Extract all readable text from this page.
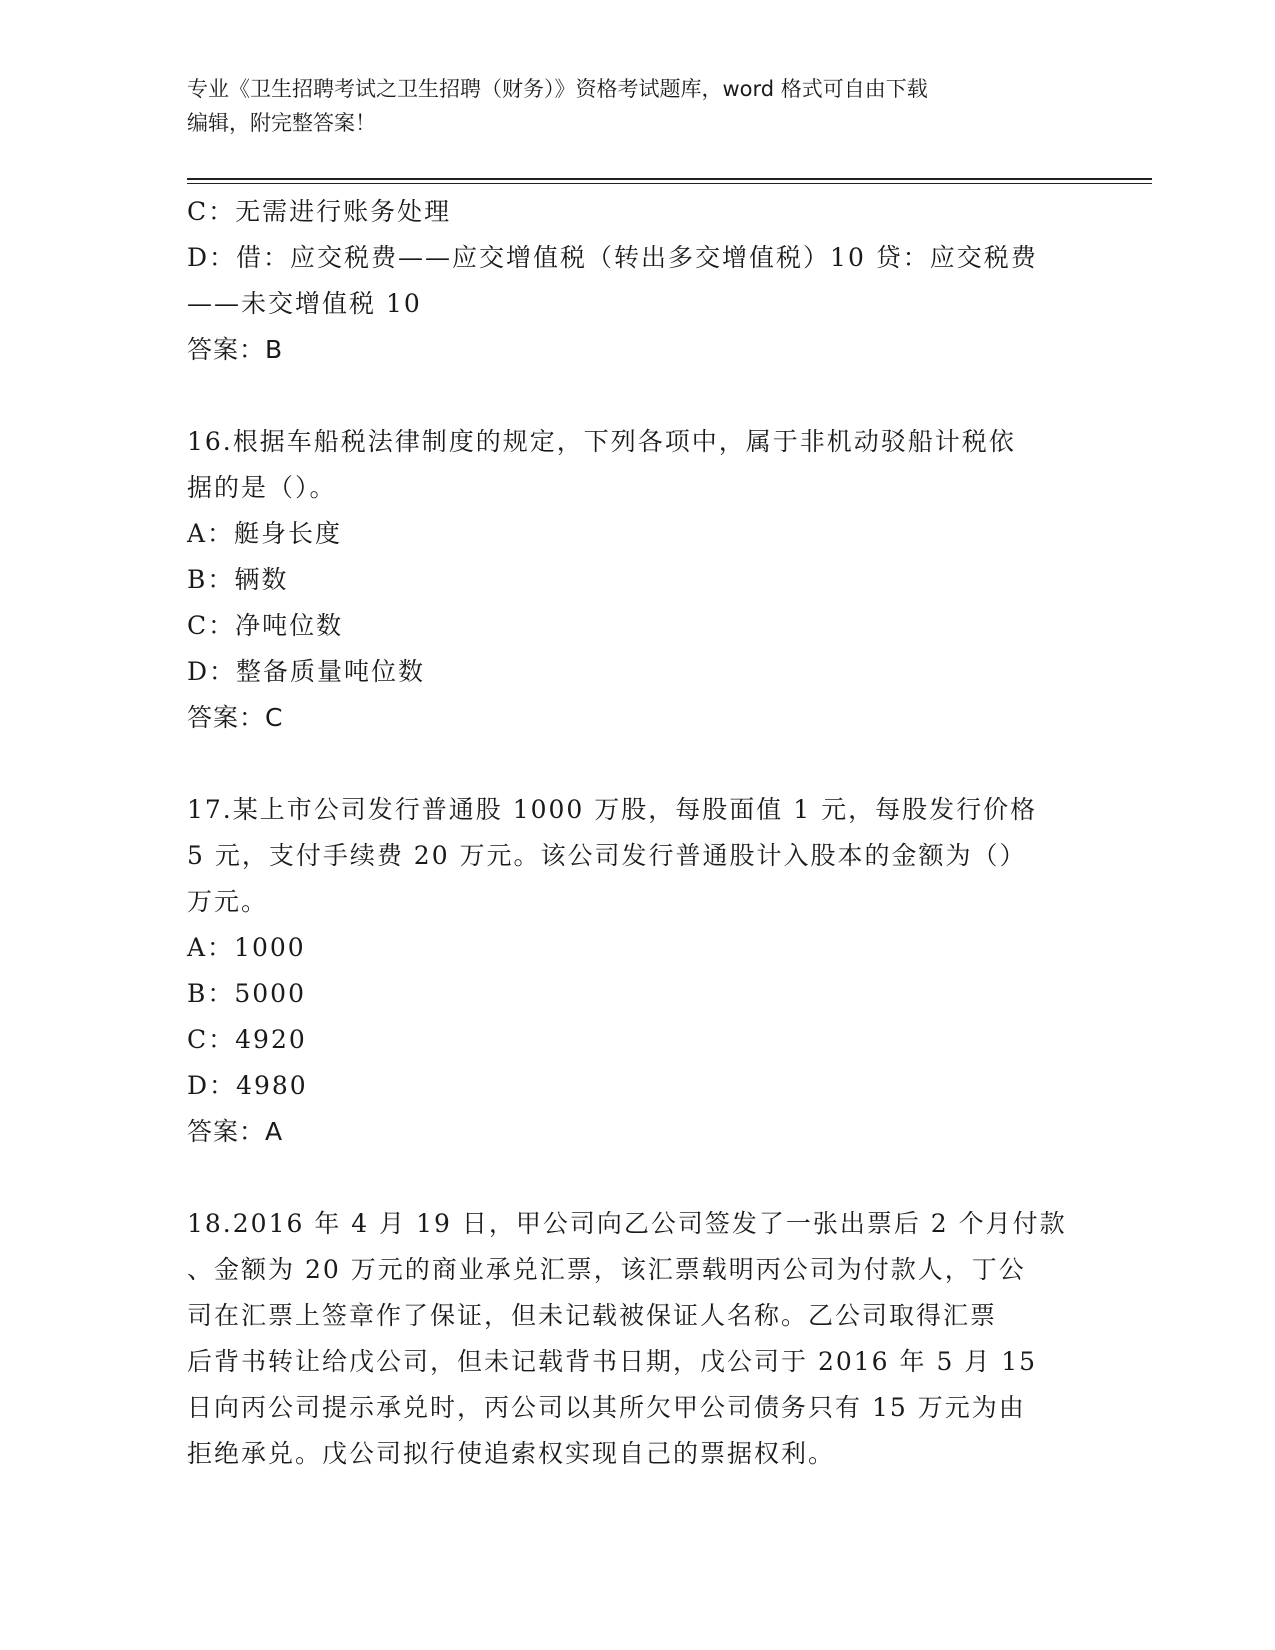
专业《卫生招聘考试之卫生招聘（财务）》资格考试题库，word 格式可自由下载
编辑，附完整答案！
C：无需进行账务处理
D：借：应交税费——应交增值税（转出多交增值税）10 贷：应交税费
——未交增值税 10
答案：B
16.根据车船税法律制度的规定，下列各项中，属于非机动驳船计税依
据的是（）。
A：艇身长度
B：辆数
C：净吨位数
D：整备质量吨位数
答案：C
17.某上市公司发行普通股 1000 万股，每股面值 1 元，每股发行价格
5 元，支付手续费 20 万元。该公司发行普通股计入股本的金额为（）
万元。
A：1000
B：5000
C：4920
D：4980
答案：A
18.2016 年 4 月 19 日，甲公司向乙公司签发了一张出票后 2 个月付款
、金额为 20 万元的商业承兑汇票，该汇票载明丙公司为付款人，丁公
司在汇票上签章作了保证，但未记载被保证人名称。乙公司取得汇票
后背书转让给戊公司，但未记载背书日期，戊公司于 2016 年 5 月 15
日向丙公司提示承兑时，丙公司以其所欠甲公司债务只有 15 万元为由
拒绝承兑。戊公司拟行使追索权实现自己的票据权利。
